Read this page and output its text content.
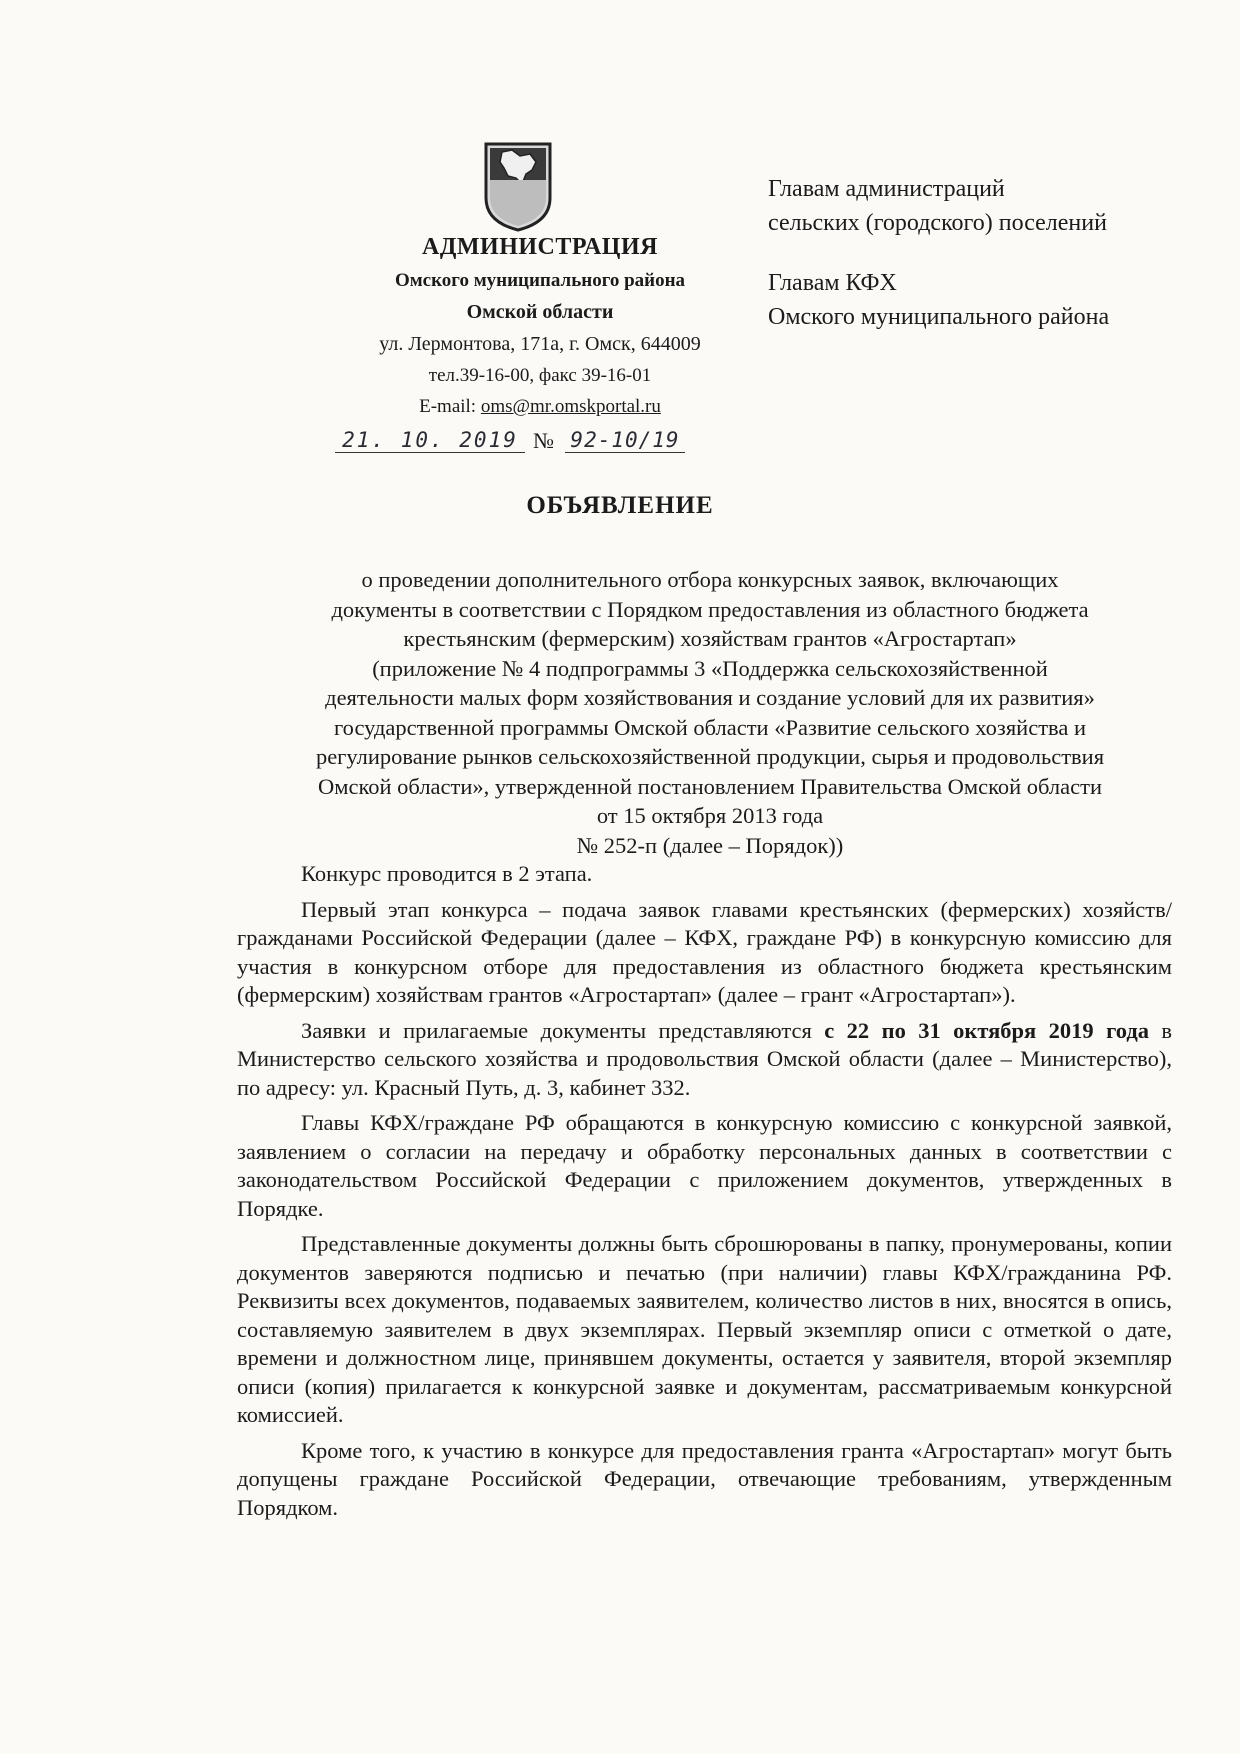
АДМИНИСТРАЦИЯ
Омского муниципального района
Омской области
ул. Лермонтова, 171а, г. Омск, 644009
тел.39-16-00, факс 39-16-01
E-mail: oms@mr.omskportal.ru
21. 10. 2019 № 92-10/19
Главам администраций
сельских (городского) поселений
Главам КФХ
Омского муниципального района
ОБЪЯВЛЕНИЕ
о проведении дополнительного отбора конкурсных заявок, включающих
документы в соответствии с Порядком предоставления из областного бюджета
крестьянским (фермерским) хозяйствам грантов «Агростартап»
(приложение № 4 подпрограммы 3 «Поддержка сельскохозяйственной
деятельности малых форм хозяйствования и создание условий для их развития»
государственной программы Омской области «Развитие сельского хозяйства и
регулирование рынков сельскохозяйственной продукции, сырья и продовольствия
Омской области», утвержденной постановлением Правительства Омской области
от 15 октября 2013 года
№ 252-п (далее – Порядок))

Конкурс проводится в 2 этапа.

Первый этап конкурса – подача заявок главами крестьянских (фермерских) хозяйств/гражданами Российской Федерации (далее – КФХ, граждане РФ) в конкурсную комиссию для участия в конкурсном отборе для предоставления из областного бюджета крестьянским (фермерским) хозяйствам грантов «Агростартап» (далее – грант «Агростартап»).

Заявки и прилагаемые документы представляются с 22 по 31 октября 2019 года в Министерство сельского хозяйства и продовольствия Омской области (далее – Министерство), по адресу: ул. Красный Путь, д. 3, кабинет 332.

Главы КФХ/граждане РФ обращаются в конкурсную комиссию с конкурсной заявкой, заявлением о согласии на передачу и обработку персональных данных в соответствии с законодательством Российской Федерации с приложением документов, утвержденных в Порядке.

Представленные документы должны быть сброшюрованы в папку, пронумерованы, копии документов заверяются подписью и печатью (при наличии) главы КФХ/гражданина РФ. Реквизиты всех документов, подаваемых заявителем, количество листов в них, вносятся в опись, составляемую заявителем в двух экземплярах. Первый экземпляр описи с отметкой о дате, времени и должностном лице, принявшем документы, остается у заявителя, второй экземпляр описи (копия) прилагается к конкурсной заявке и документам, рассматриваемым конкурсной комиссией.

Кроме того, к участию в конкурсе для предоставления гранта «Агростартап» могут быть допущены граждане Российской Федерации, отвечающие требованиям, утвержденным Порядком.
